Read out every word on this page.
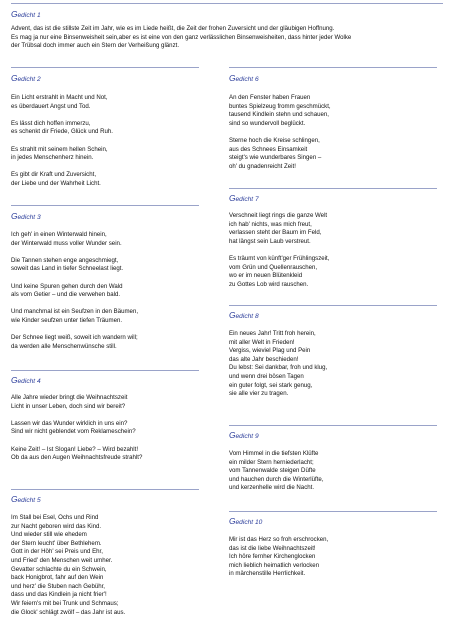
Gedicht 1
Advent, das ist die stillste Zeit im Jahr, wie es im Liede heißt, die Zeit der frohen Zuversicht und der gläubigen Hoffnung.
Es mag ja nur eine Binsenweisheit sein,aber es ist eine von den ganz verlässlichen Binsenweisheiten, dass hinter jeder Wolke
der Trübsal doch immer auch ein Stern der Verheißung glänzt.
Gedicht 2
Ein Licht erstrahlt in Macht und Not,
es überdauert Angst und Tod.
Es lässt dich hoffen immerzu,
es schenkt dir Friede, Glück und Ruh.
Es strahlt mit seinem hellen Schein,
in jedes Menschenherz hinein.
Es gibt dir Kraft und Zuversicht,
der Liebe und der Wahrheit Licht.
Gedicht 3
Ich geh' in einen Winterwald hinein,
der Winterwald muss voller Wunder sein.
Die Tannen stehen enge angeschmiegt,
soweit das Land in tiefer Schneelast liegt.
Und keine Spuren gehen durch den Wald
als vom Getier – und die verwehen bald.
Und manchmal ist ein Seufzen in den Bäumen,
wie Kinder seufzen unter tiefen Träumen.
Der Schnee liegt weiß, soweit ich wandern will;
da werden alle Menschenwünsche still.
Gedicht 4
Alle Jahre wieder bringt die Weihnachtszeit
Licht in unser Leben, doch sind wir bereit?
Lassen wir das Wunder wirklich in uns ein?
Sind wir nicht geblendet vom Reklameschein?
Keine Zeit! – Ist Slogan! Liebe? – Wird bezahlt!
Ob da aus den Augen Weihnachtsfreude strahlt?
Gedicht 5
Im Stall bei Esel, Ochs und Rind
zur Nacht geboren wird das Kind.
Und wieder still wie ehedem
der Stern leucht' über Bethlehem.
Gott in der Höh' sei Preis und Ehr,
und Fried' den Menschen weit umher.
Gevatter schlachte du ein Schwein,
back Honigbrot, fahr auf den Wein
und herz' die Stuben nach Gebühr,
dass und das Kindlein ja nicht frier'!
Wir feiern's mit bei Trunk und Schmaus;
die Glock' schlägt zwölf – das Jahr ist aus.
Gedicht 6
An den Fenster haben Frauen
buntes Spielzeug fromm geschmückt,
tausend Kindlein stehn und schauen,
sind so wundervoll beglückt.
Sterne hoch die Kreise schlingen,
aus des Schnees Einsamkeit
steigt's wie wunderbares Singen –
oh' du gnadenreicht Zeit!
Gedicht 7
Verschneit liegt rings die ganze Welt
ich hab' nichts, was mich freut,
verlassen steht der Baum im Feld,
hat längst sein Laub verstreut.
Es träumt von künft'ger Frühlingszeit,
vom Grün und Quellenrauschen,
wo er im neuen Blütenkleid
zu Gottes Lob wird rauschen.
Gedicht 8
Ein neues Jahr! Tritt froh herein,
mit aller Welt in Frieden!
Vergiss, wieviel Plag und Pein
das alte Jahr beschieden!
Du lebst: Sei dankbar, froh und klug,
und wenn drei bösen Tagen
ein guter folgt, sei stark genug,
sie alle vier zu tragen.
Gedicht 9
Vom Himmel in die tiefsten Klüfte
ein milder Stern herniederlacht;
vom Tannenwalde steigen Düfte
und hauchen durch die Winterlüfte,
und kerzenhelle wird die Nacht.
Gedicht 10
Mir ist das Herz so froh erschrocken,
das ist die liebe Weihnachtszeit!
Ich höre fernher Kirchenglocken
mich lieblich heimatlich verlocken
in märchenstille Herrlichkeit.
